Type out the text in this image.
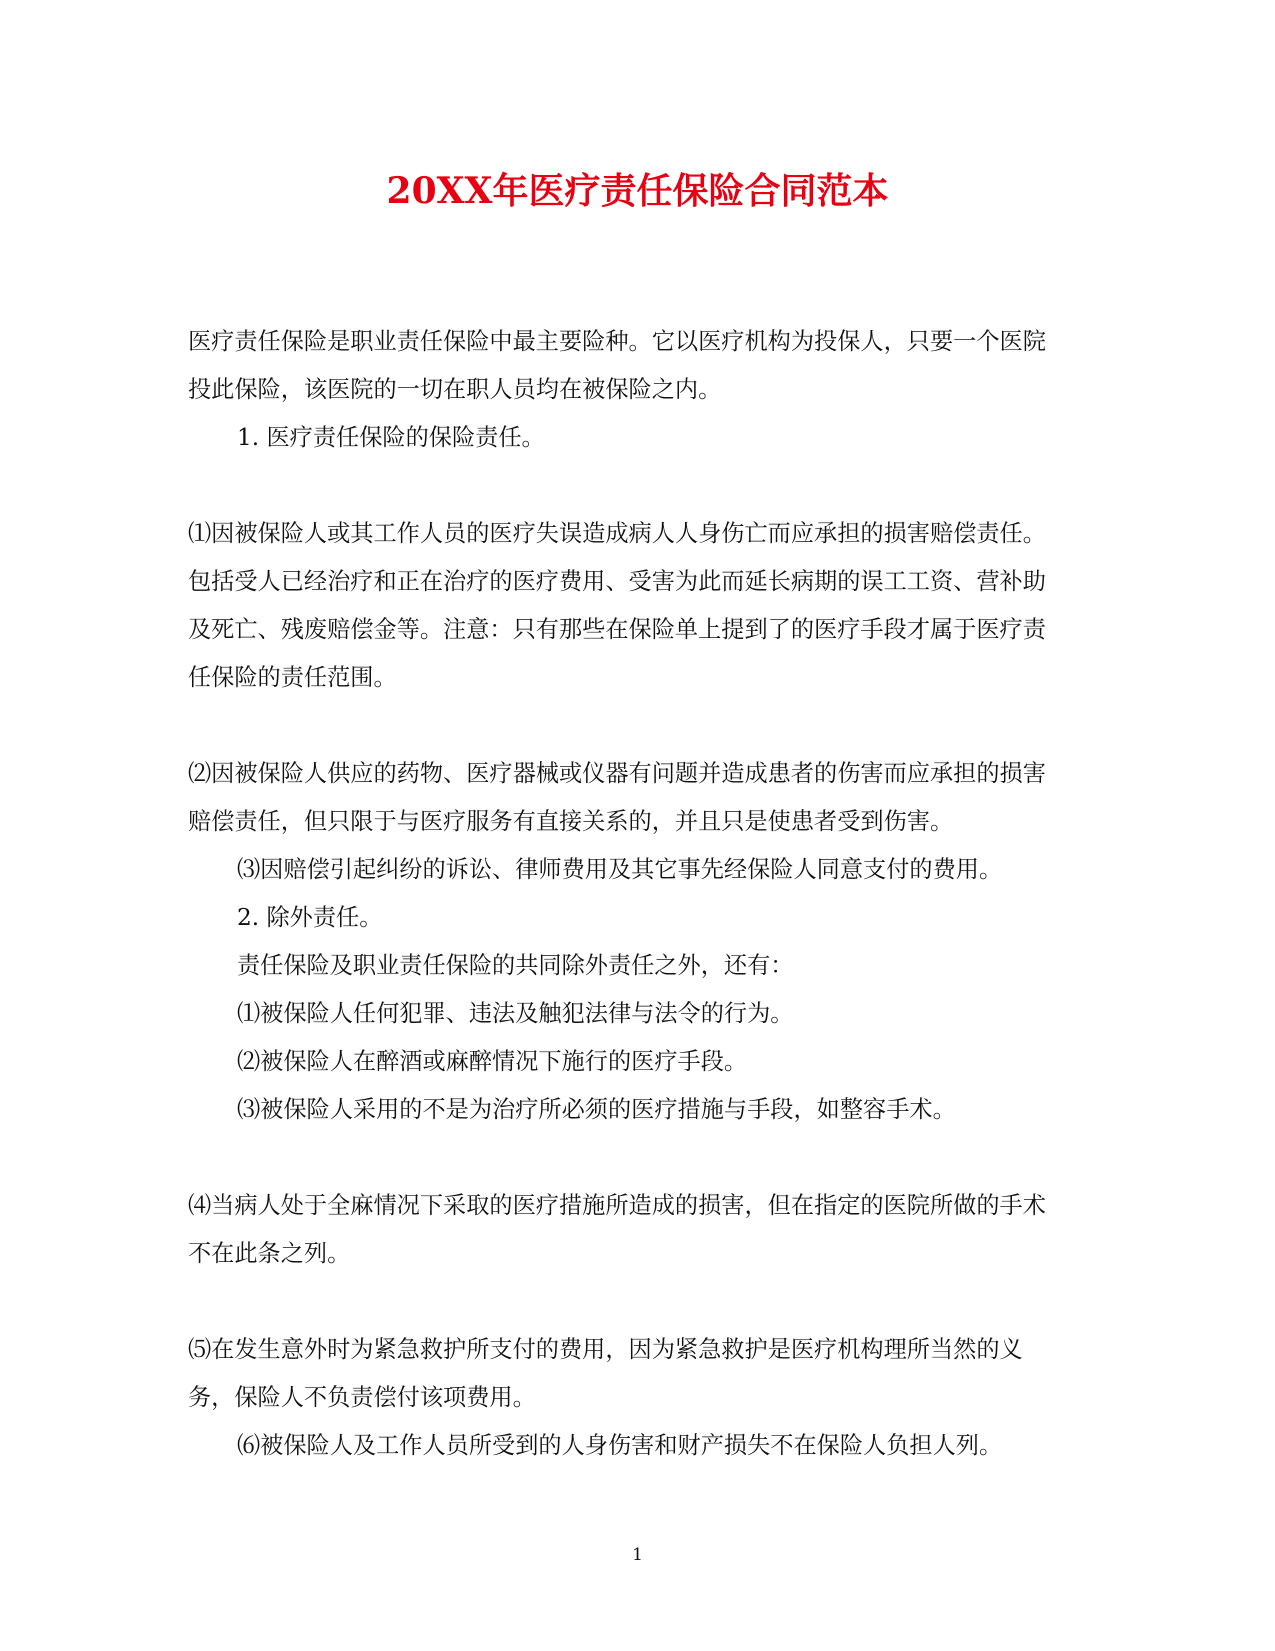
20XX年医疗责任保险合同范本

医疗责任保险是职业责任保险中最主要险种。它以医疗机构为投保人，只要一个医院投此保险，该医院的一切在职人员均在被保险之内。

1. 医疗责任保险的保险责任。

⑴因被保险人或其工作人员的医疗失误造成病人人身伤亡而应承担的损害赔偿责任。包括受人已经治疗和正在治疗的医疗费用、受害为此而延长病期的误工工资、营补助及死亡、残废赔偿金等。注意：只有那些在保险单上提到了的医疗手段才属于医疗责任保险的责任范围。

⑵因被保险人供应的药物、医疗器械或仪器有问题并造成患者的伤害而应承担的损害赔偿责任，但只限于与医疗服务有直接关系的，并且只是使患者受到伤害。

⑶因赔偿引起纠纷的诉讼、律师费用及其它事先经保险人同意支付的费用。

2. 除外责任。

责任保险及职业责任保险的共同除外责任之外，还有：

⑴被保险人任何犯罪、违法及触犯法律与法令的行为。

⑵被保险人在醉酒或麻醉情况下施行的医疗手段。

⑶被保险人采用的不是为治疗所必须的医疗措施与手段，如整容手术。

⑷当病人处于全麻情况下采取的医疗措施所造成的损害，但在指定的医院所做的手术不在此条之列。

⑸在发生意外时为紧急救护所支付的费用，因为紧急救护是医疗机构理所当然的义务，保险人不负责偿付该项费用。

⑹被保险人及工作人员所受到的人身伤害和财产损失不在保险人负担人列。

1
